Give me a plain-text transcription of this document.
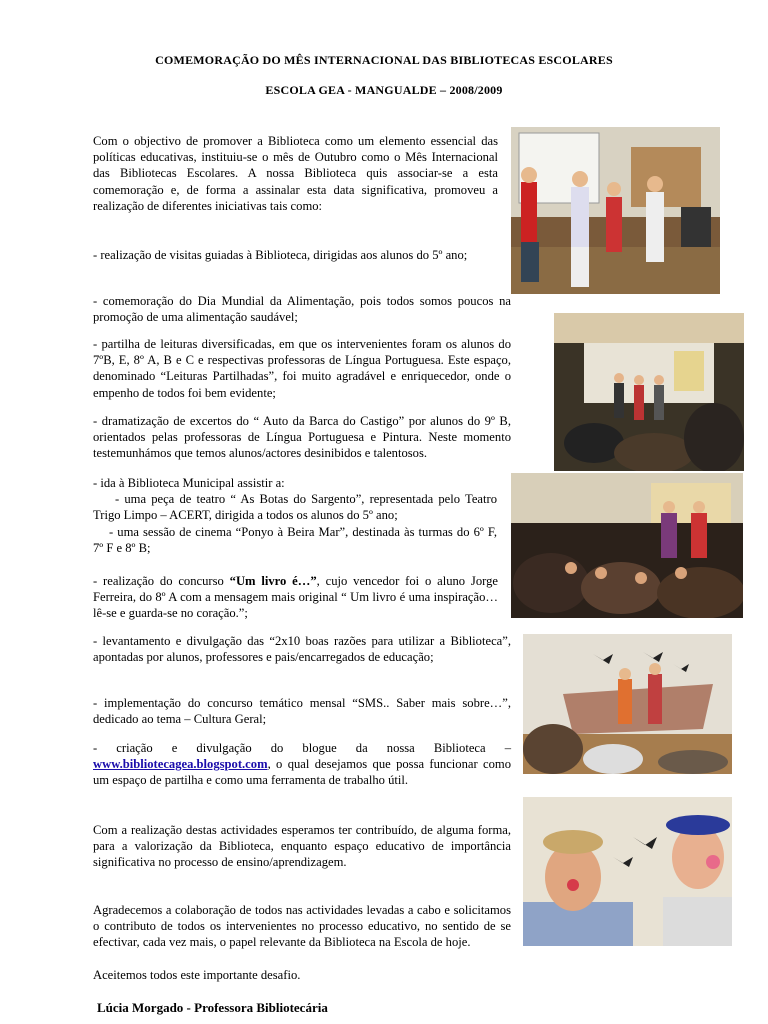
COMEMORAÇÃO DO MÊS INTERNACIONAL DAS BIBLIOTECAS ESCOLARES
ESCOLA GEA - MANGUALDE – 2008/2009

Com o objectivo de promover a Biblioteca como um elemento essencial das políticas educativas, instituiu-se o mês de Outubro como o Mês Internacional das Bibliotecas Escolares. A nossa Biblioteca quis associar-se a esta comemoração e, de forma a assinalar esta data significativa, promoveu a realização de diferentes iniciativas tais como:

- realização de visitas guiadas à Biblioteca, dirigidas aos alunos do 5º ano;

- comemoração do Dia Mundial da Alimentação, pois todos somos poucos na promoção de uma alimentação saudável;

- partilha de leituras diversificadas, em que os intervenientes foram os alunos do 7ºB, E, 8º A, B e C e respectivas professoras de Língua Portuguesa. Este espaço, denominado “Leituras Partilhadas”, foi muito agradável e enriquecedor, onde o empenho de todos foi bem evidente;

- dramatização de excertos do “ Auto da Barca do Castigo” por alunos do 9º B, orientados pelas professoras de Língua Portuguesa e Pintura. Neste momento testemunhámos que temos alunos/actores desinibidos e talentosos.

- ida à Biblioteca Municipal assistir a:

- uma peça de teatro “ As Botas do Sargento”, representada pelo Teatro Trigo Limpo – ACERT, dirigida a todos os alunos do 5º ano;

- uma sessão de cinema “Ponyo à Beira Mar”, destinada às turmas do 6º F, 7º F e 8º B;

- realização do concurso “Um livro é…”, cujo vencedor foi o aluno Jorge Ferreira, do 8º A com a mensagem mais original “ Um livro é uma inspiração…lê-se e guarda-se no coração.”;

- levantamento e divulgação das “2x10 boas razões para utilizar a Biblioteca”, apontadas por alunos, professores e pais/encarregados de educação;

- implementação do concurso temático mensal “SMS.. Saber mais sobre…”, dedicado ao tema – Cultura Geral;

- criação e divulgação do blogue da nossa Biblioteca – www.bibliotecagea.blogspot.com, o qual desejamos que possa funcionar como um espaço de partilha e como uma ferramenta de trabalho útil.

Com a realização destas actividades esperamos ter contribuído, de alguma forma, para a valorização da Biblioteca, enquanto espaço educativo de importância significativa no processo de ensino/aprendizagem.

Agradecemos a colaboração de todos nas actividades levadas a cabo e solicitamos o contributo de todos os intervenientes no processo educativo, no sentido de se efectivar, cada vez mais, o papel relevante da Biblioteca na Escola de hoje.

Aceitemos todos este importante desafio.

Lúcia Morgado - Professora Bibliotecária
